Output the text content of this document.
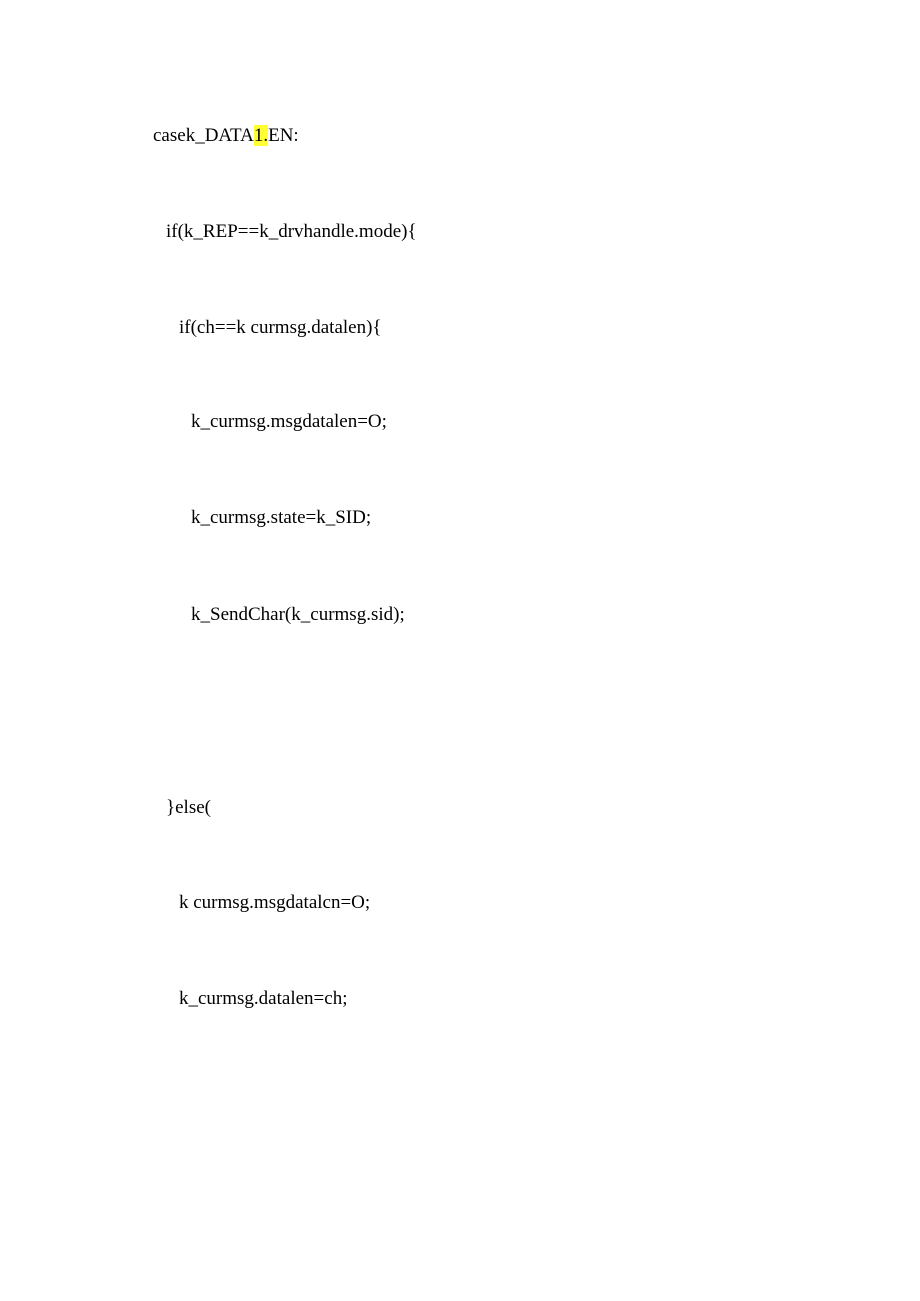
casek_DATA1.EN:
if(k_REP==k_drvhandle.mode){
if(ch==k curmsg.datalen){
k_curmsg.msgdatalen=O;
k_curmsg.state=k_SID;
k_SendChar(k_curmsg.sid);
}else(
k curmsg.msgdatalcn=O;
k_curmsg.datalen=ch;
